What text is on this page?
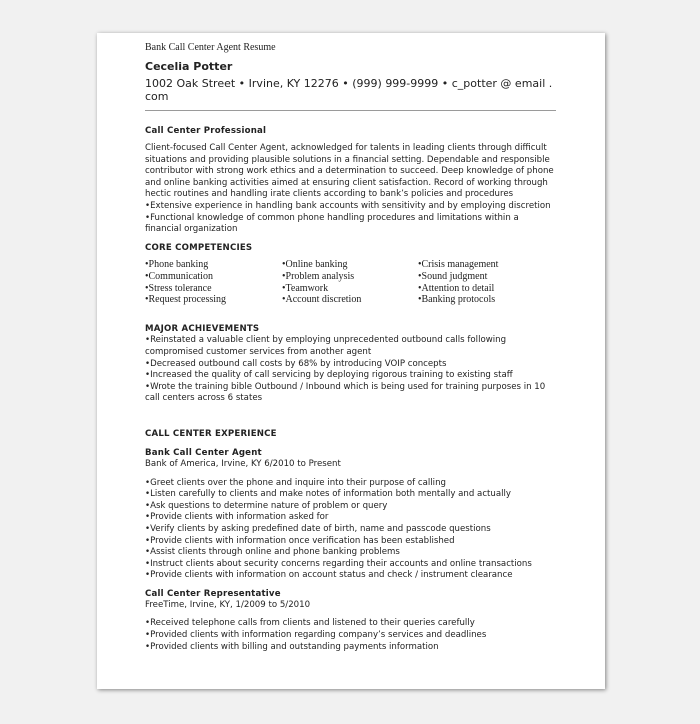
Bank Call Center Agent Resume
Cecelia Potter
1002 Oak Street • Irvine, KY 12276 • (999) 999-9999 • c_potter @ email . com
Call Center Professional
Client-focused Call Center Agent, acknowledged for talents in leading clients through difficult situations and providing plausible solutions in a financial setting. Dependable and responsible contributor with strong work ethics and a determination to succeed. Deep knowledge of phone and online banking activities aimed at ensuring client satisfaction. Record of working through hectic routines and handling irate clients according to bank’s policies and procedures
• Extensive experience in handling bank accounts with sensitivity and by employing discretion
• Functional knowledge of common phone handling procedures and limitations within a financial organization
CORE COMPETENCIES
• Phone banking
• Communication
• Stress tolerance
• Request processing
• Online banking
• Problem analysis
• Teamwork
• Account discretion
• Crisis management
• Sound judgment
• Attention to detail
• Banking protocols
MAJOR ACHIEVEMENTS
• Reinstated a valuable client by employing unprecedented outbound calls following compromised customer services from another agent
• Decreased outbound call costs by 68% by introducing VOIP concepts
• Increased the quality of call servicing by deploying rigorous training to existing staff
• Wrote the training bible Outbound / Inbound which is being used for training purposes in 10 call centers across 6 states
CALL CENTER EXPERIENCE
Bank Call Center Agent
Bank of America, Irvine, KY 6/2010 to Present
• Greet clients over the phone and inquire into their purpose of calling
• Listen carefully to clients and make notes of information both mentally and actually
• Ask questions to determine nature of problem or query
• Provide clients with information asked for
• Verify clients by asking predefined date of birth, name and passcode questions
• Provide clients with information once verification has been established
• Assist clients through online and phone banking problems
• Instruct clients about security concerns regarding their accounts and online transactions
• Provide clients with information on account status and check / instrument clearance
Call Center Representative
FreeTime, Irvine, KY, 1/2009 to 5/2010
• Received telephone calls from clients and listened to their queries carefully
• Provided clients with information regarding company’s services and deadlines
• Provided clients with billing and outstanding payments information
